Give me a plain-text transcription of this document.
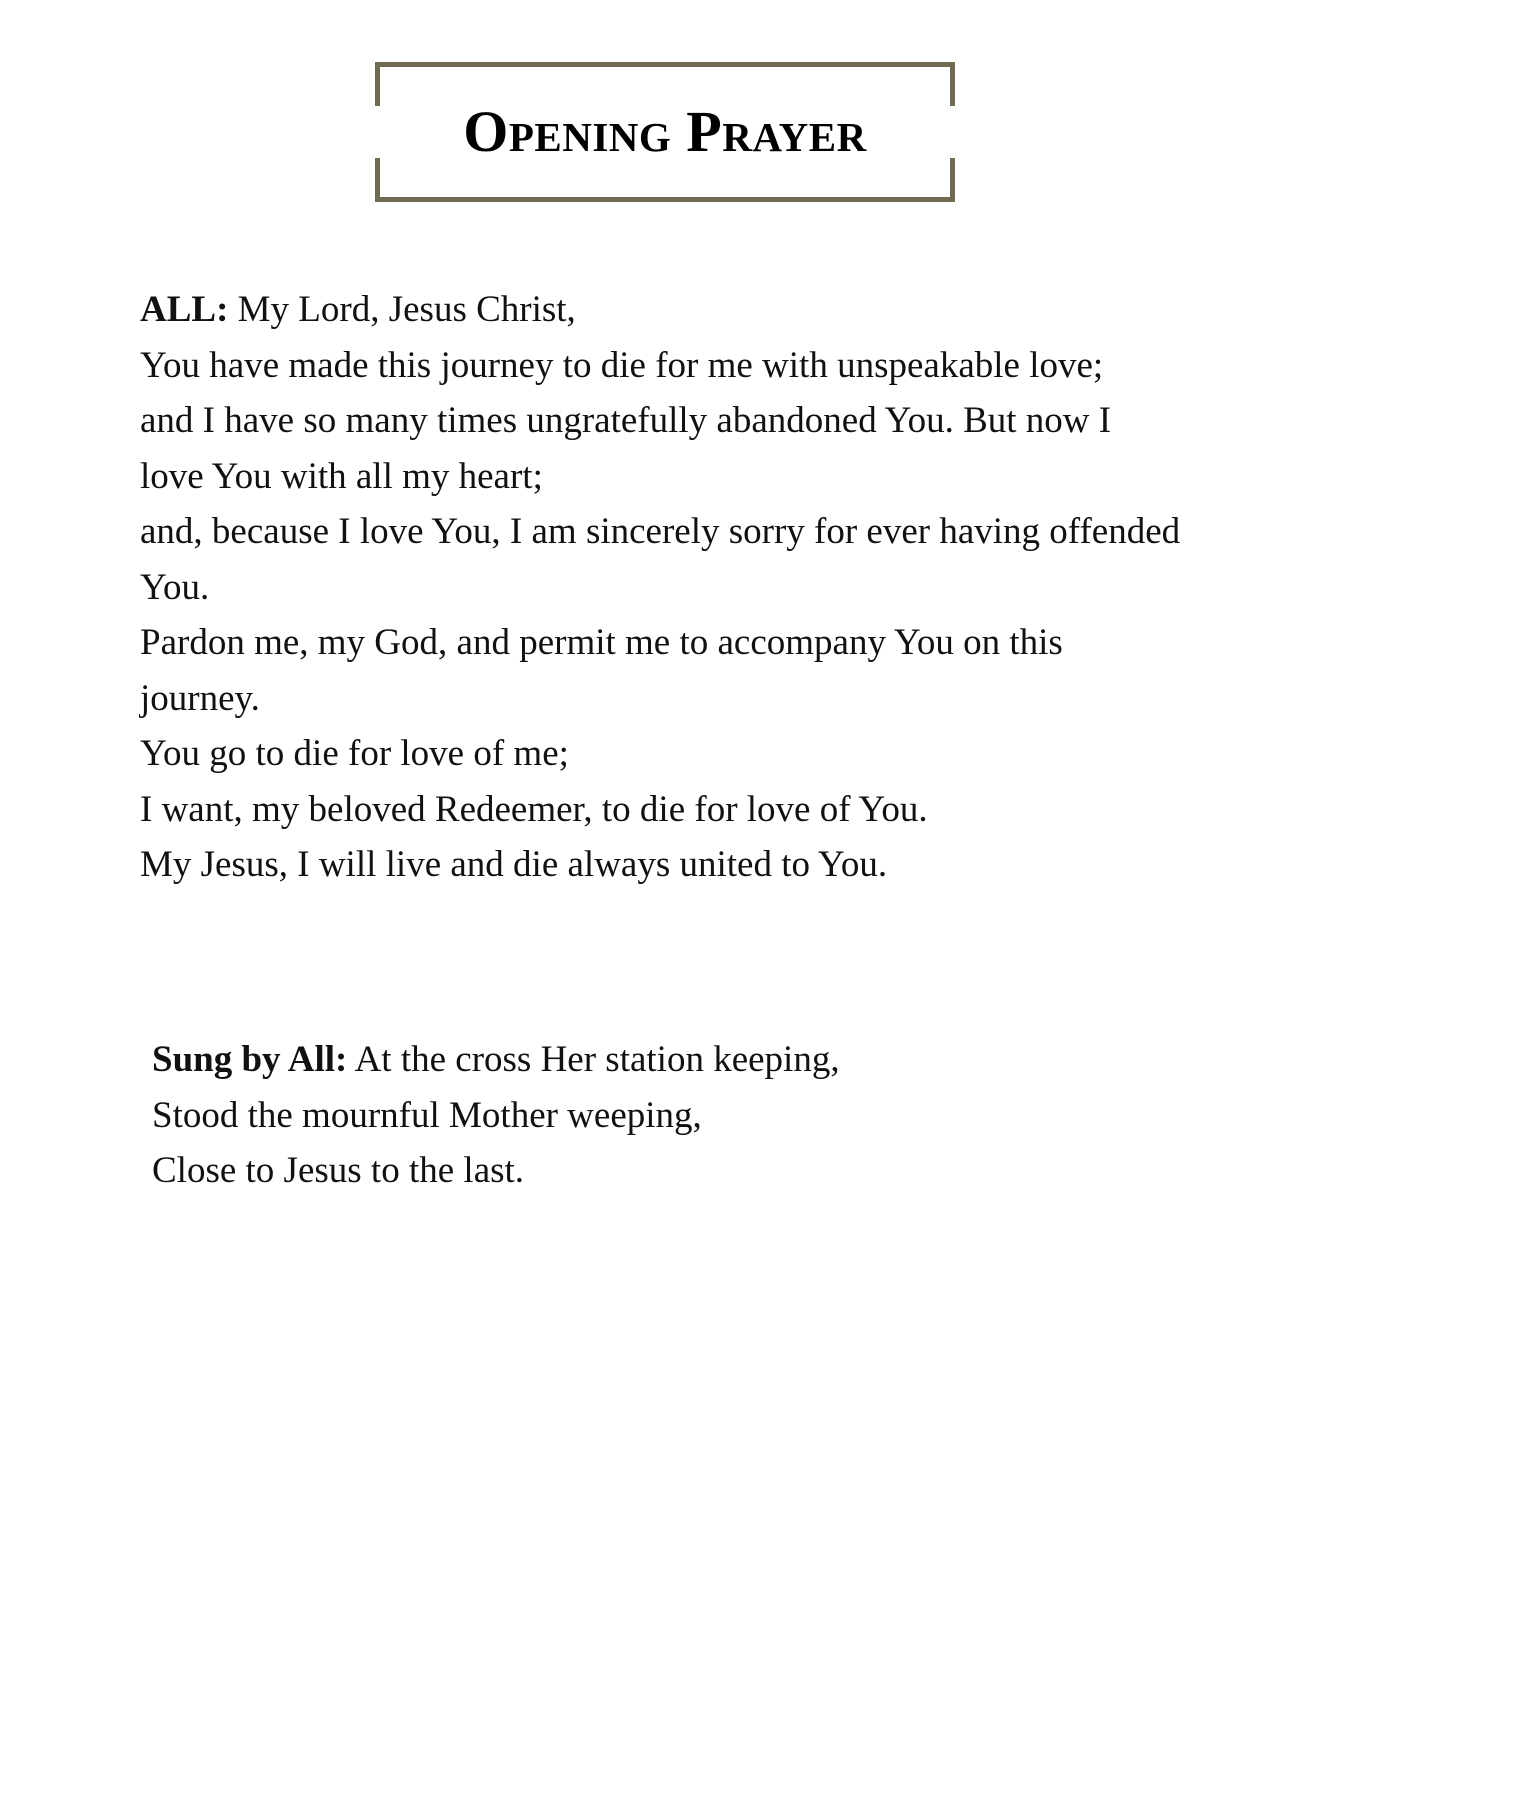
Opening Prayer
ALL: My Lord, Jesus Christ,
You have made this journey to die for me with unspeakable love;
and I have so many times ungratefully abandoned You. But now I
love You with all my heart;
and, because I love You, I am sincerely sorry for ever having offended
You.
Pardon me, my God, and permit me to accompany You on this
journey.
You go to die for love of me;
I want, my beloved Redeemer, to die for love of You.
My Jesus, I will live and die always united to You.
Sung by All: At the cross Her station keeping,
Stood the mournful Mother weeping,
Close to Jesus to the last.
